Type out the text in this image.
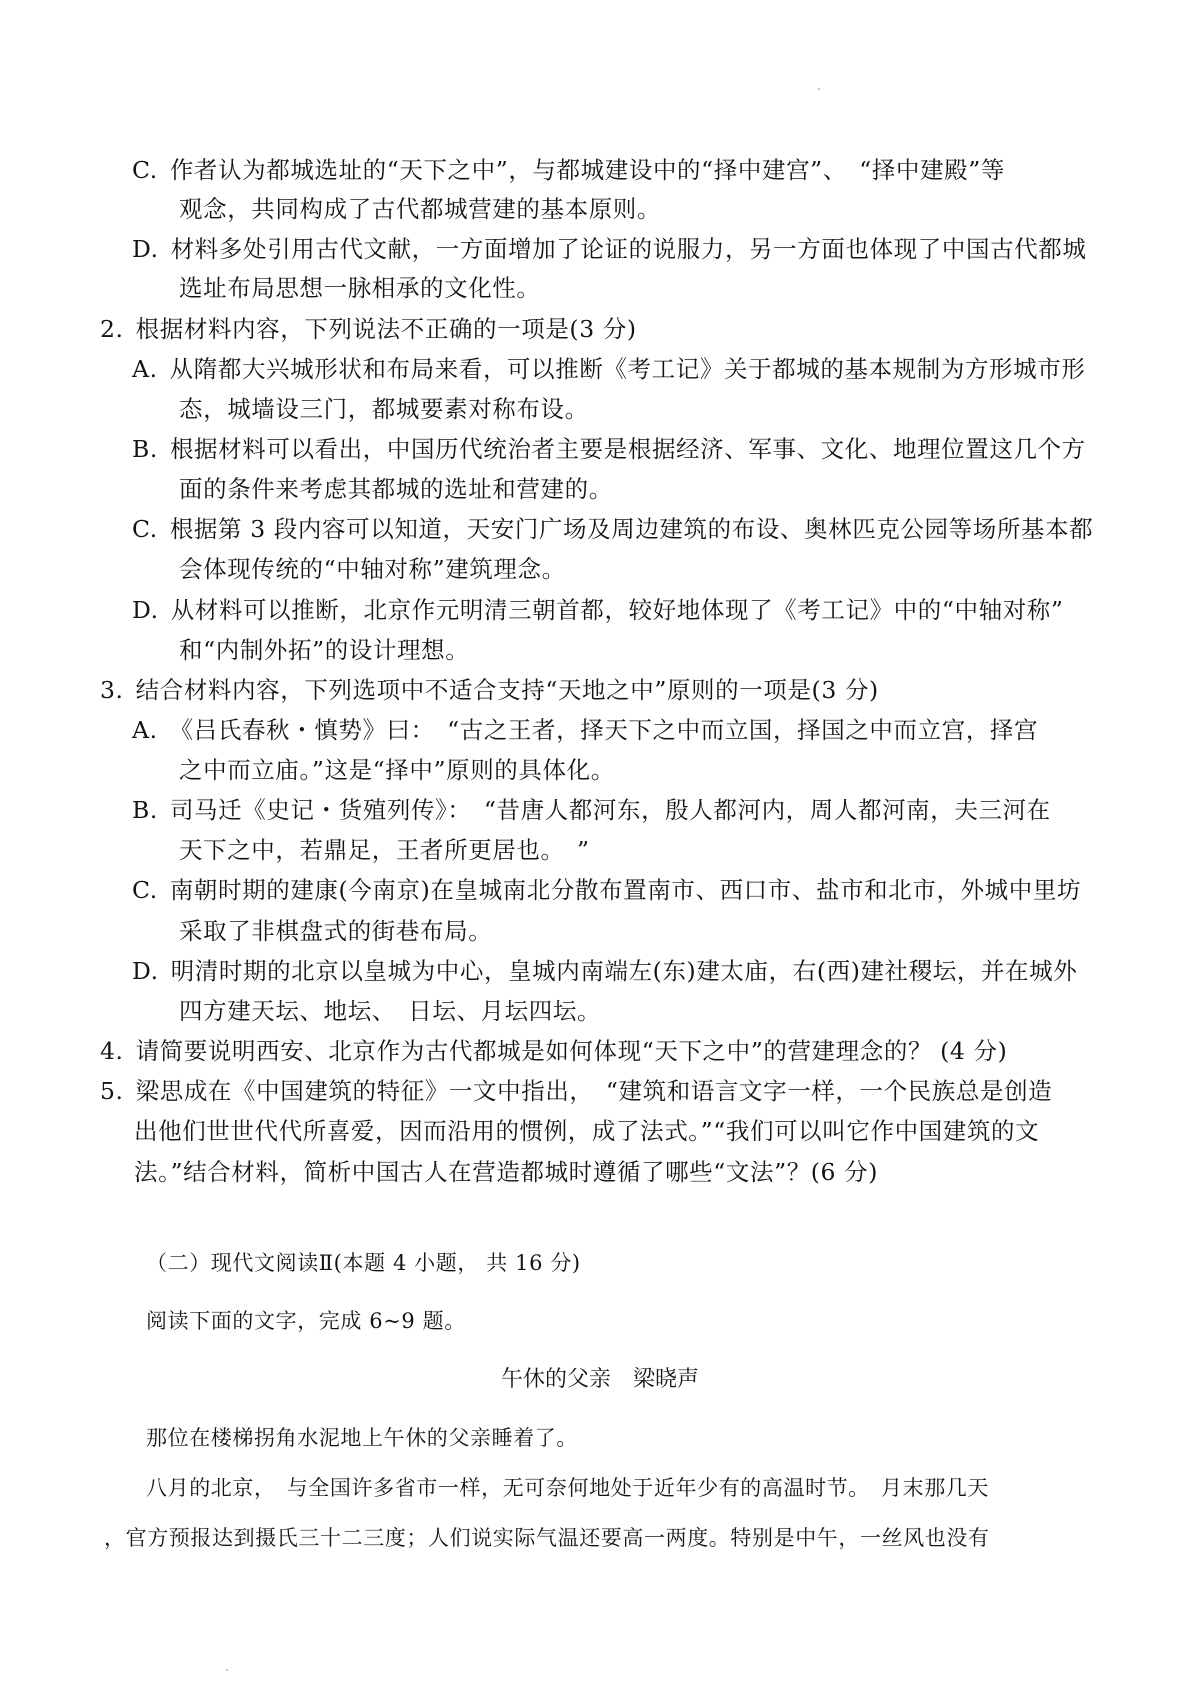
C. 作者认为都城选址的“天下之中”，与都城建设中的“择中建宫”、　“择中建殿”等
观念，共同构成了古代都城营建的基本原则。
D. 材料多处引用古代文献，一方面增加了论证的说服力，另一方面也体现了中国古代都城
选址布局思想一脉相承的文化性。
2. 根据材料内容，下列说法不正确的一项是(3 分)
A. 从隋都大兴城形状和布局来看，可以推断《考工记》关于都城的基本规制为方形城市形
态，城墙设三门，都城要素对称布设。
B. 根据材料可以看出，中国历代统治者主要是根据经济、军事、文化、地理位置这几个方
面的条件来考虑其都城的选址和营建的。
C. 根据第 3 段内容可以知道，天安门广场及周边建筑的布设、奥林匹克公园等场所基本都
会体现传统的“中轴对称”建筑理念。
D. 从材料可以推断，北京作元明清三朝首都，较好地体现了《考工记》中的“中轴对称”
和“内制外拓”的设计理想。
3. 结合材料内容，下列选项中不适合支持“天地之中”原则的一项是(3 分)
A. 《吕氏春秋・慎势》曰：　“古之王者，择天下之中而立国，择国之中而立宫，择宫
之中而立庙。”这是“择中”原则的具体化。
B. 司马迁《史记・货殖列传》：　“昔唐人都河东，殷人都河内，周人都河南，夫三河在
天下之中，若鼎足，王者所更居也。　”
C. 南朝时期的建康(今南京)在皇城南北分散布置南市、西口市、盐市和北市，外城中里坊
采取了非棋盘式的街巷布局。
D. 明清时期的北京以皇城为中心，皇城内南端左(东)建太庙，右(西)建社稷坛，并在城外
四方建天坛、地坛、　日坛、月坛四坛。
4. 请简要说明西安、北京作为古代都城是如何体现“天下之中”的营建理念的？ (4 分)
5. 梁思成在《中国建筑的特征》一文中指出，　“建筑和语言文字一样，一个民族总是创造
出他们世世代代所喜爱，因而沿用的惯例，成了法式。”“我们可以叫它作中国建筑的文
法。”结合材料，简析中国古人在营造都城时遵循了哪些“文法”？(6 分)
（二）现代文阅读Ⅱ(本题 4 小题， 共 16 分)
阅读下面的文字，完成 6~9 题。
午休的父亲　梁晓声
那位在楼梯拐角水泥地上午休的父亲睡着了。
八月的北京，　与全国许多省市一样，无可奈何地处于近年少有的高温时节。　月末那几天
，官方预报达到摄氏三十二三度；人们说实际气温还要高一两度。特别是中午，一丝风也没有
